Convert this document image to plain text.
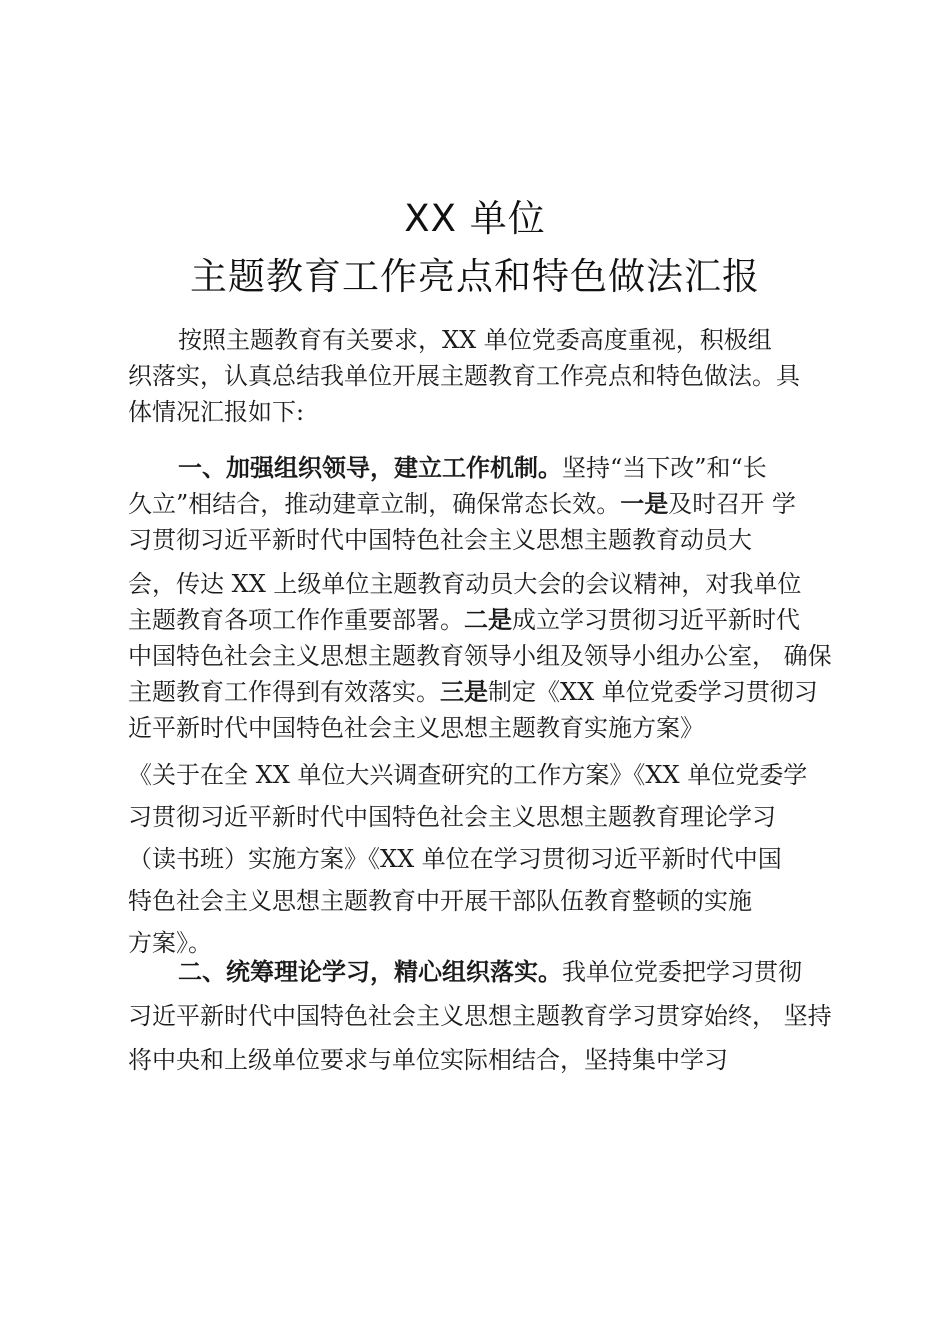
XX 单位
主题教育工作亮点和特色做法汇报
按照主题教育有关要求，XX 单位党委高度重视，积极组
织落实，认真总结我单位开展主题教育工作亮点和特色做法。具
体情况汇报如下:
一、加强组织领导，建立工作机制。坚持“当下改”和“长
久立”相结合，推动建章立制，确保常态长效。一是及时召开 学
习贯彻习近平新时代中国特色社会主义思想主题教育动员大
会，传达 XX 上级单位主题教育动员大会的会议精神，对我单位
主题教育各项工作作重要部署。二是成立学习贯彻习近平新时代
中国特色社会主义思想主题教育领导小组及领导小组办公室， 确保
主题教育工作得到有效落实。三是制定《XX 单位党委学习贯彻习
近平新时代中国特色社会主义思想主题教育实施方案》
《关于在全 XX 单位大兴调查研究的工作方案》《XX 单位党委学
习贯彻习近平新时代中国特色社会主义思想主题教育理论学习
（读书班）实施方案》《XX 单位在学习贯彻习近平新时代中国
特色社会主义思想主题教育中开展干部队伍教育整顿的实施
方案》。
二、统筹理论学习，精心组织落实。我单位党委把学习贯彻
习近平新时代中国特色社会主义思想主题教育学习贯穿始终， 坚持
将中央和上级单位要求与单位实际相结合，坚持集中学习
